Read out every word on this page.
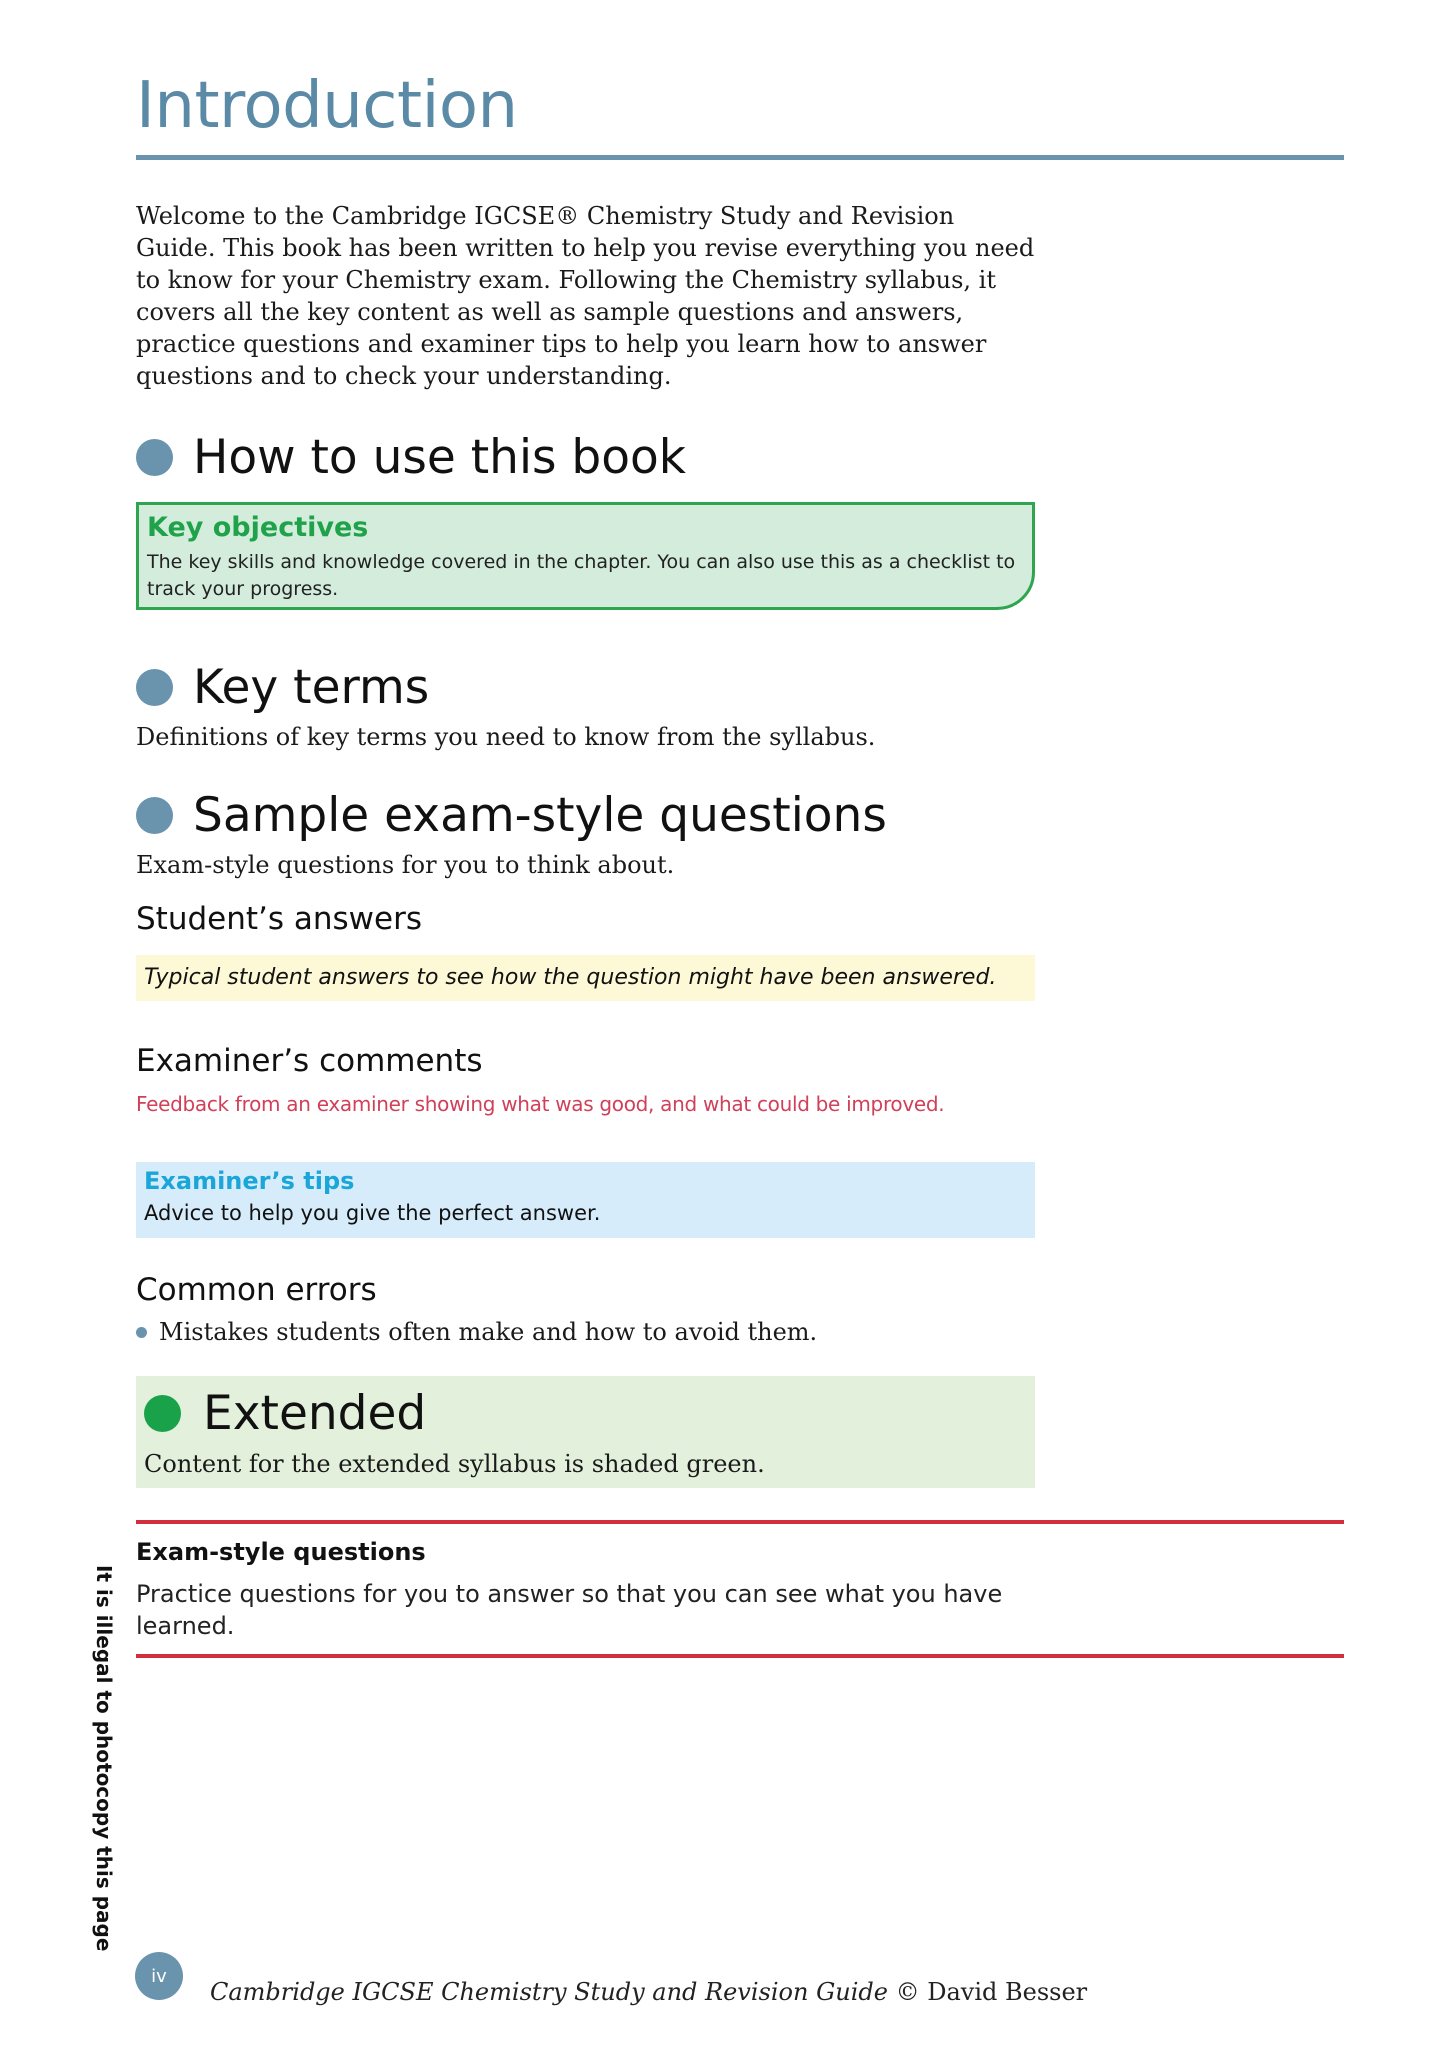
Introduction

Welcome to the Cambridge IGCSE® Chemistry Study and Revision Guide. This book has been written to help you revise everything you need to know for your Chemistry exam. Following the Chemistry syllabus, it covers all the key content as well as sample questions and answers, practice questions and examiner tips to help you learn how to answer questions and to check your understanding.

How to use this book
Key objectives
The key skills and knowledge covered in the chapter. You can also use this as a checklist to track your progress.
Key terms
Definitions of key terms you need to know from the syllabus.
Sample exam-style questions
Exam-style questions for you to think about.
Student’s answers
Typical student answers to see how the question might have been answered.
Examiner’s comments
Feedback from an examiner showing what was good, and what could be improved.
Examiner’s tips
Advice to help you give the perfect answer.
Common errors
Mistakes students often make and how to avoid them.
Extended
Content for the extended syllabus is shaded green.
Exam-style questions
Practice questions for you to answer so that you can see what you have learned.
It is illegal to photocopy this page
iv
Cambridge IGCSE Chemistry Study and Revision Guide © David Besser
